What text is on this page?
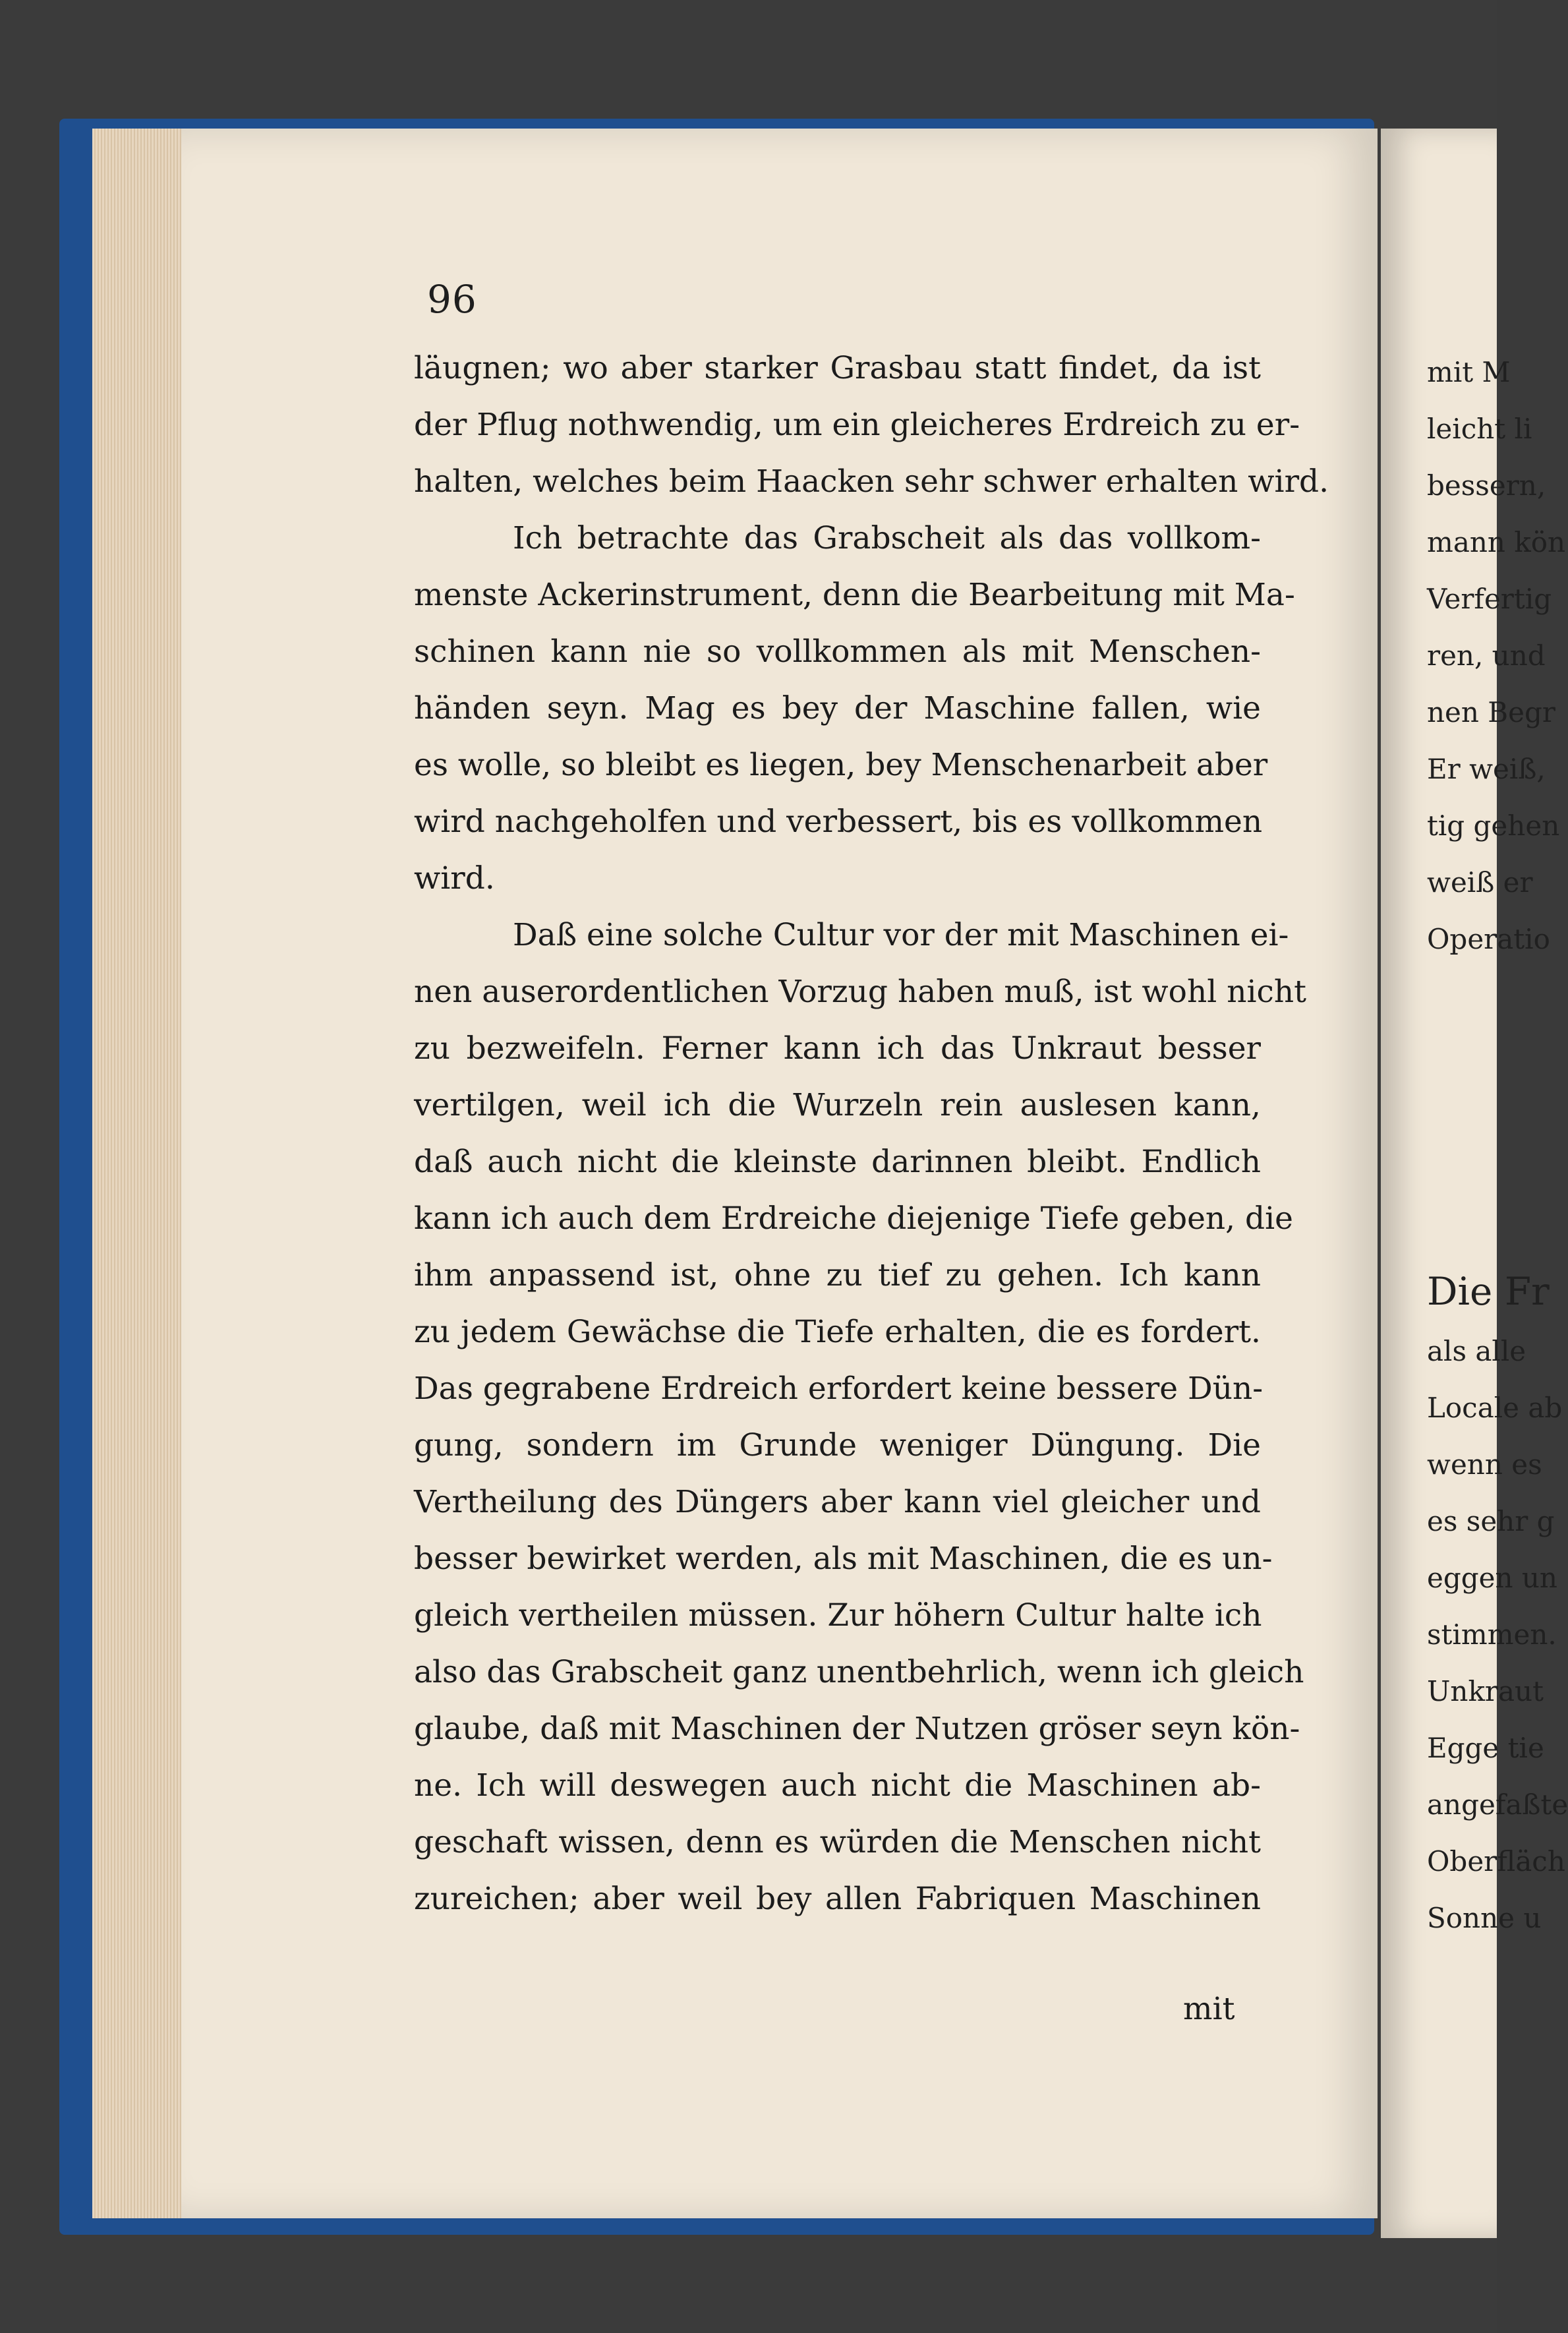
96
läugnen; wo aber starker Grasbau statt findet, da ist
der Pflug nothwendig, um ein gleicheres Erdreich zu er-
halten, welches beim Haacken sehr schwer erhalten wird.
Ich betrachte das Grabscheit als das vollkom-
menste Ackerinstrument, denn die Bearbeitung mit Ma-
schinen kann nie so vollkommen als mit Menschen-
händen seyn. Mag es bey der Maschine fallen, wie
es wolle, so bleibt es liegen, bey Menschenarbeit aber
wird nachgeholfen und verbessert, bis es vollkommen
wird.
Daß eine solche Cultur vor der mit Maschinen ei-
nen auserordentlichen Vorzug haben muß, ist wohl nicht
zu bezweifeln. Ferner kann ich das Unkraut besser
vertilgen, weil ich die Wurzeln rein auslesen kann,
daß auch nicht die kleinste darinnen bleibt. Endlich
kann ich auch dem Erdreiche diejenige Tiefe geben, die
ihm anpassend ist, ohne zu tief zu gehen. Ich kann
zu jedem Gewächse die Tiefe erhalten, die es fordert.
Das gegrabene Erdreich erfordert keine bessere Dün-
gung, sondern im Grunde weniger Düngung. Die
Vertheilung des Düngers aber kann viel gleicher und
besser bewirket werden, als mit Maschinen, die es un-
gleich vertheilen müssen. Zur höhern Cultur halte ich
also das Grabscheit ganz unentbehrlich, wenn ich gleich
glaube, daß mit Maschinen der Nutzen gröser seyn kön-
ne. Ich will deswegen auch nicht die Maschinen ab-
geschaft wissen, denn es würden die Menschen nicht
zureichen; aber weil bey allen Fabriquen Maschinen
mit
mit M
leicht li
bessern,
mann kön
Verfertig
ren, und
nen Begr
Er weiß,
tig gehen
weiß er
Operatio
Die Fr
als alle
Locale ab
wenn es
es sehr g
eggen un
stimmen.
Unkraut
Egge tie
angefaßte
Oberfläch
Sonne u
